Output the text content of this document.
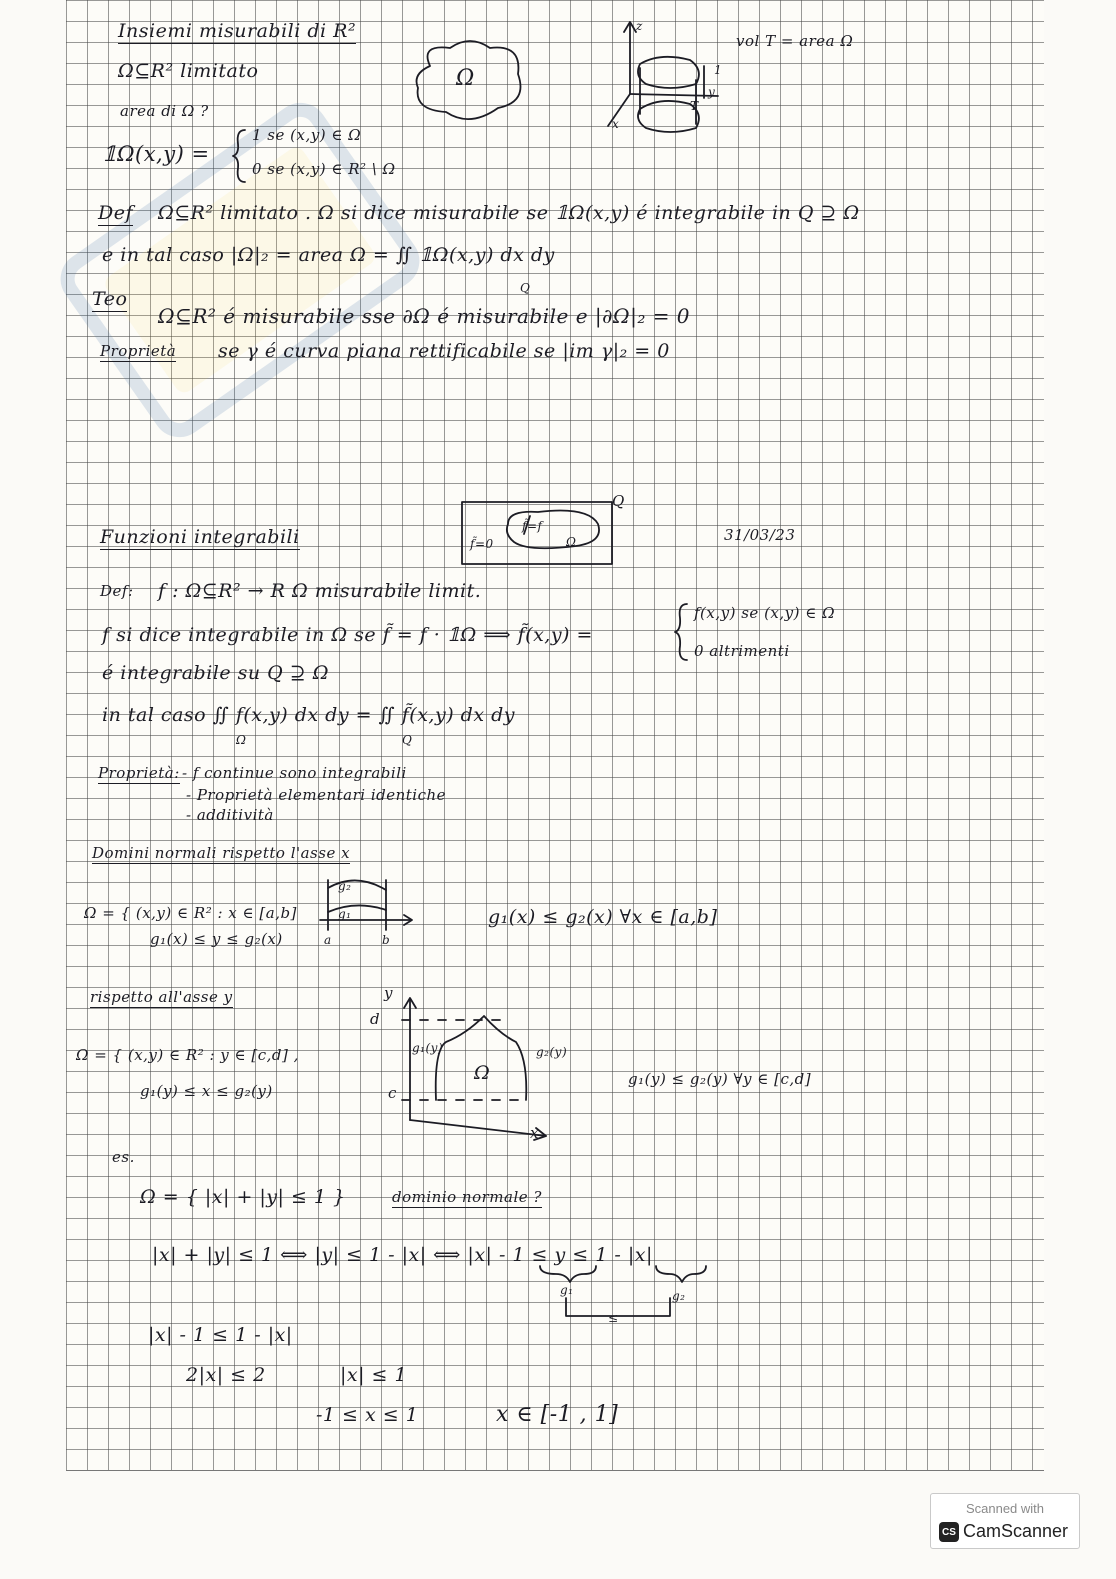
Insiemi misurabili di R²
Ω⊆R² limitato
area di Ω ?
𝟙Ω(x,y) =
1 se (x,y) ∈ Ω
0 se (x,y) ∈ R² \ Ω
Ω
z
x
y
1
T
vol T = area Ω
Def Ω⊆R² limitato . Ω si dice misurabile se 𝟙Ω(x,y) é integrabile in Q ⊇ Ω
e in tal caso |Ω|₂ = area Ω = ∬ 𝟙Ω(x,y) dx dy
Q
Teo
Ω⊆R² é misurabile sse ∂Ω é misurabile e |∂Ω|₂ = 0
Proprietà se γ é curva piana rettificabile se |im γ|₂ = 0
f̃=0
f̃=f
Ω
Q
Funzioni integrabili	31/03/23
Def: f : Ω⊆R² → R Ω misurabile limit.
f si dice integrabile in Ω se f̃ = f · 𝟙Ω ⟹ f̃(x,y) =
f(x,y) se (x,y) ∈ Ω
0 altrimenti
é integrabile su Q ⊇ Ω
in tal caso ∬ f(x,y) dx dy = ∬ f̃(x,y) dx dy
Ω	Q
Proprietà: - f continue sono integrabili
- Proprietà elementari identiche
- additività
Domini normali rispetto l'asse x
Ω = { (x,y) ∈ R² : x ∈ [a,b]
g₁(x) ≤ y ≤ g₂(x)
g₂
g₁
a	b
g₁(x) ≤ g₂(x) ∀x ∈ [a,b]
rispetto all'asse y
Ω = { (x,y) ∈ R² : y ∈ [c,d] ,
g₁(y) ≤ x ≤ g₂(y)
y
x
d
c
g₁(y)	g₂(y)
Ω	g₁(y) ≤ g₂(y) ∀y ∈ [c,d]
es.
Ω = { |x| + |y| ≤ 1 }	dominio normale ?
|x| + |y| ≤ 1 ⟺ |y| ≤ 1 - |x| ⟺ |x| - 1 ≤ y ≤ 1 - |x|
g₁	g₂
≤
|x| - 1 ≤ 1 - |x|
2|x| ≤ 2	|x| ≤ 1
-1 ≤ x ≤ 1	x ∈ [-1 , 1]
Scanned with
CS CamScanner
